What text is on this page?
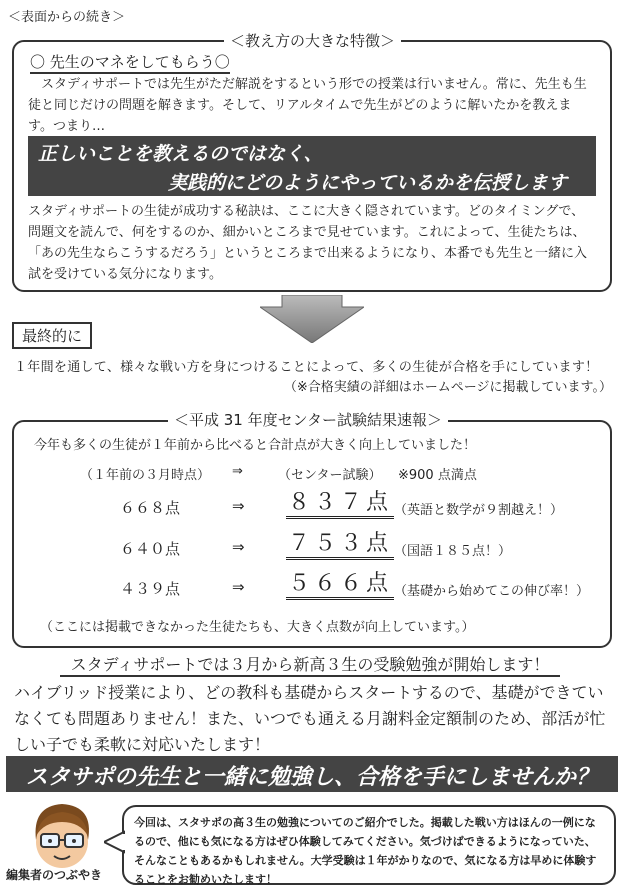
＜表面からの続き＞
＜教え方の大きな特徴＞
〇 先生のマネをしてもらう〇
スタディサポートでは先生がただ解説をするという形での授業は行いません。常に、先生も生徒と同じだけの問題を解きます。そして、リアルタイムで先生がどのように解いたかを教えます。つまり…
正しいことを教えるのではなく、
実践的にどのようにやっているかを伝授します
スタディサポートの生徒が成功する秘訣は、ここに大きく隠されています。どのタイミングで、問題文を読んで、何をするのか、細かいところまで見せています。これによって、生徒たちは、「あの先生ならこうするだろう」というところまで出来るようになり、本番でも先生と一緒に入試を受けている気分になります。
最終的に
１年間を通して、様々な戦い方を身につけることによって、多くの生徒が合格を手にしています！
（※合格実績の詳細はホームページに掲載しています。）
＜平成 31 年度センター試験結果速報＞
今年も多くの生徒が１年前から比べると合計点が大きく向上していました！
（１年前の３月時点） ⇒	（センター試験） ※900 点満点
６６８点	⇒ ８３７点 （英語と数学が９割越え！）
６４０点	⇒ ７５３点 （国語１８５点！）
４３９点	⇒ ５６６点 （基礎から始めてこの伸び率！）
（ここには掲載できなかった生徒たちも、大きく点数が向上しています。）
スタディサポートでは３月から新高３生の受験勉強が開始します！
ハイブリッド授業により、どの教科も基礎からスタートするので、基礎ができていなくても問題ありません！また、いつでも通える月謝料金定額制のため、部活が忙しい子でも柔軟に対応いたします！
スタサポの先生と一緒に勉強し、合格を手にしませんか？
編集者のつぶやき
今回は、スタサポの高３生の勉強についてのご紹介でした。掲載した戦い方はほんの一例になるので、他にも気になる方はぜひ体験してみてください。気づけばできるようになっていた、そんなこともあるかもしれません。大学受験は１年がかりなので、気になる方は早めに体験することをお勧めいたします！
